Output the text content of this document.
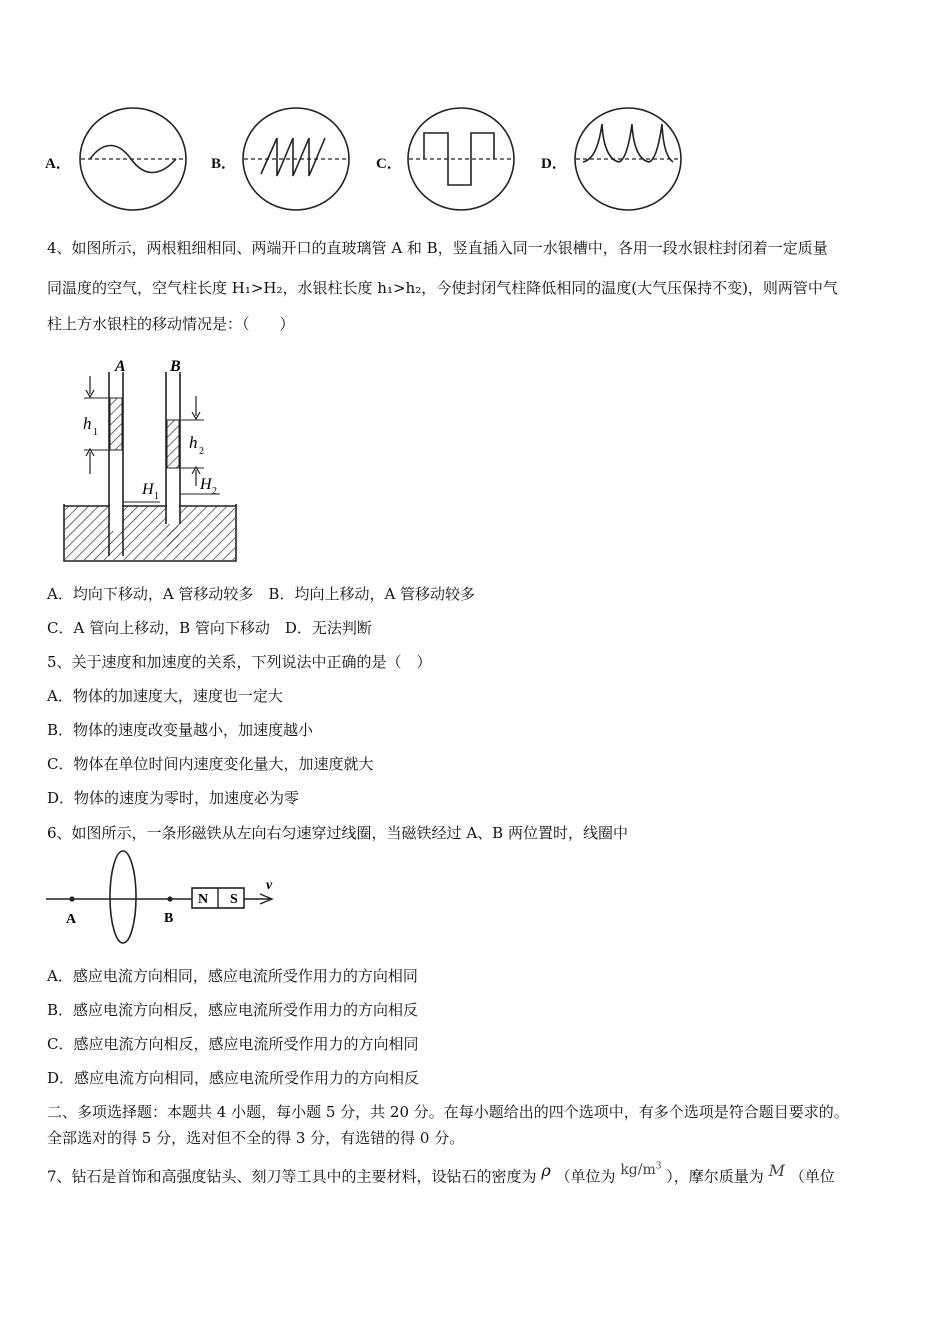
A．	B．	C．	D．
4、如图所示，两根粗细相同、两端开口的直玻璃管 A 和 B，竖直插入同一水银槽中，各用一段水银柱封闭着一定质量
同温度的空气，空气柱长度 H₁>H₂，水银柱长度 h₁>h₂，今使封闭气柱降低相同的温度(大气压保持不变)，则两管中气
柱上方水银柱的移动情况是：（　　）
A	B
h 1
h 2
H 1
H 2
A．均向下移动，A 管移动较多　B．均向上移动，A 管移动较多
C．A 管向上移动，B 管向下移动　D．无法判断
5、关于速度和加速度的关系，下列说法中正确的是（　）
A．物体的加速度大，速度也一定大
B．物体的速度改变量越小，加速度越小
C．物体在单位时间内速度变化量大，加速度就大
D．物体的速度为零时，加速度必为零
6、如图所示，一条形磁铁从左向右匀速穿过线圈，当磁铁经过 A、B 两位置时，线圈中
A	B
N S
v
A．感应电流方向相同，感应电流所受作用力的方向相同
B．感应电流方向相反，感应电流所受作用力的方向相反
C．感应电流方向相反，感应电流所受作用力的方向相同
D．感应电流方向相同，感应电流所受作用力的方向相反
二、多项选择题：本题共 4 小题，每小题 5 分，共 20 分。在每小题给出的四个选项中，有多个选项是符合题目要求的。
全部选对的得 5 分，选对但不全的得 3 分，有选错的得 0 分。
7、钻石是首饰和高强度钻头、刻刀等工具中的主要材料，设钻石的密度为 ρ （单位为 $kg/m^3$ ），摩尔质量为 M （单位
